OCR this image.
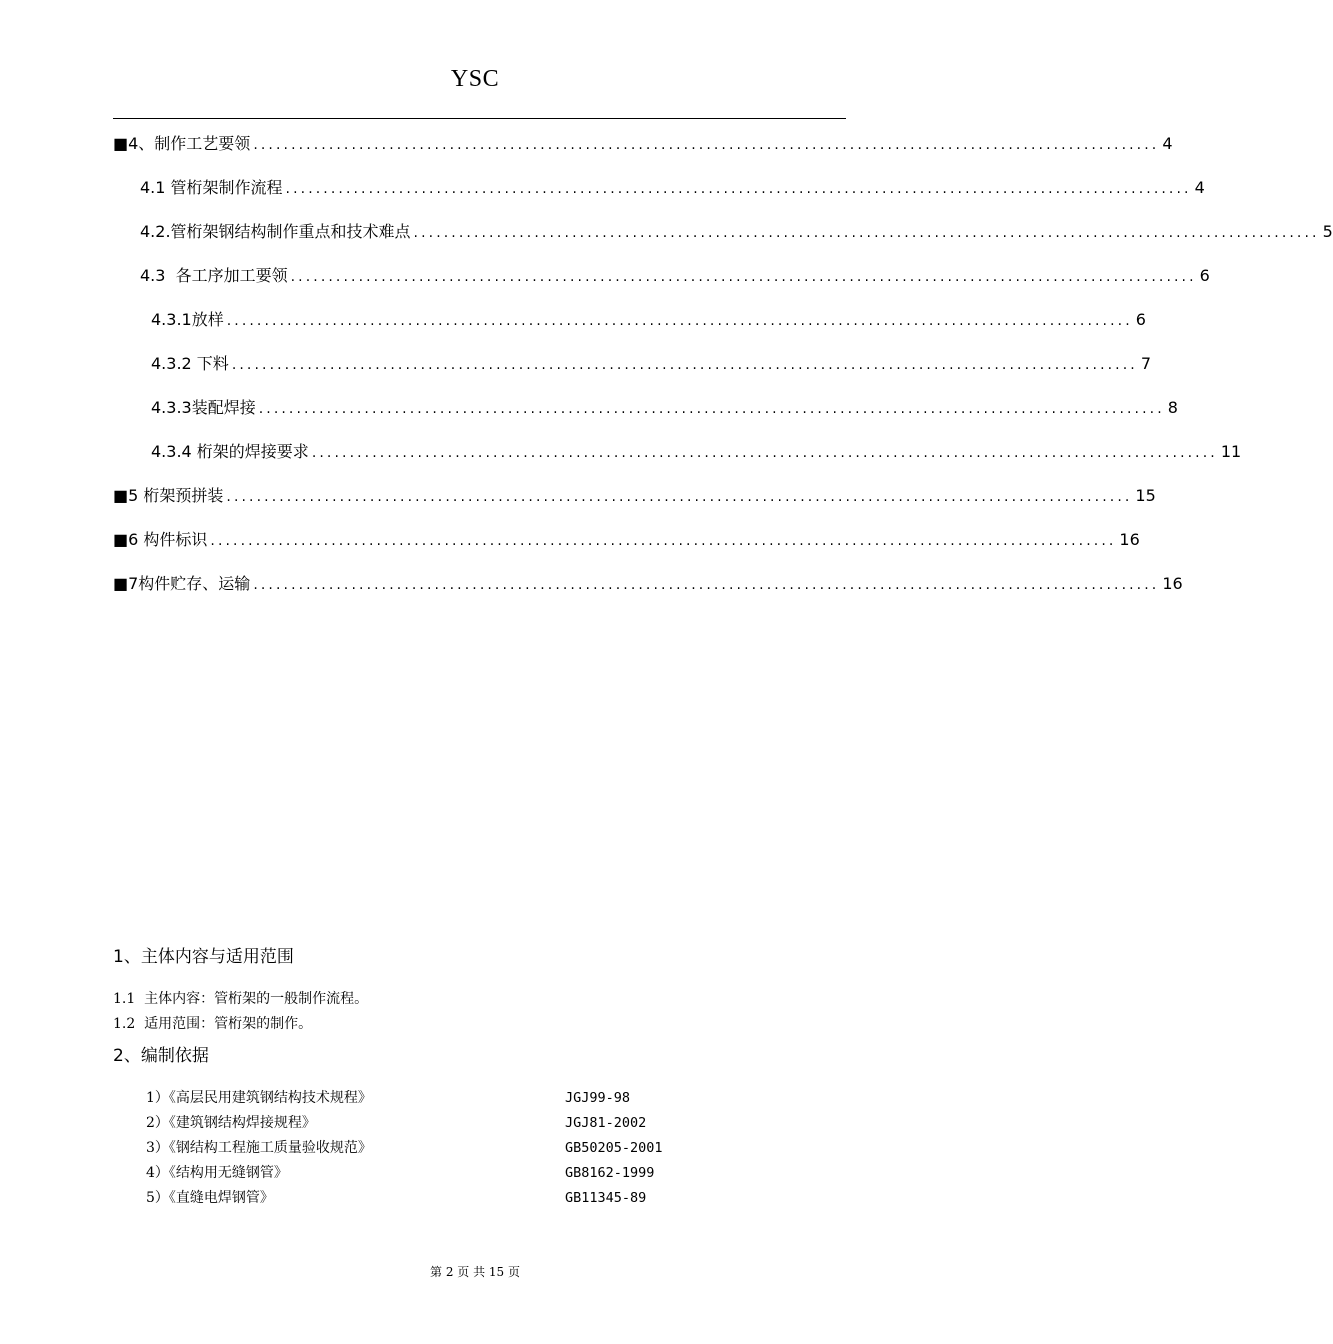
YSC
■4、制作工艺要领 ........................................................................................................................ 4
4.1 管桁架制作流程 ........................................................................................................................ 4
4.2.管桁架钢结构制作重点和技术难点 ........................................................................................................................ 5
4.3  各工序加工要领 ........................................................................................................................ 6
4.3.1放样 ........................................................................................................................ 6
4.3.2 下料 ........................................................................................................................ 7
4.3.3装配焊接 ........................................................................................................................ 8
4.3.4 桁架的焊接要求 ........................................................................................................................ 11
■5 桁架预拼装 ........................................................................................................................ 15
■6 构件标识 ........................................................................................................................ 16
■7构件贮存、运输 ........................................................................................................................ 16
1、主体内容与适用范围
1.1  主体内容：管桁架的一般制作流程。
1.2  适用范围：管桁架的制作。
2、编制依据
1）《高层民用建筑钢结构技术规程》	JGJ99-98
2）《建筑钢结构焊接规程》	JGJ81-2002
3）《钢结构工程施工质量验收规范》	GB50205-2001
4）《结构用无缝钢管》	GB8162-1999
5）《直缝电焊钢管》	GB11345-89
第 2 页 共 15 页
